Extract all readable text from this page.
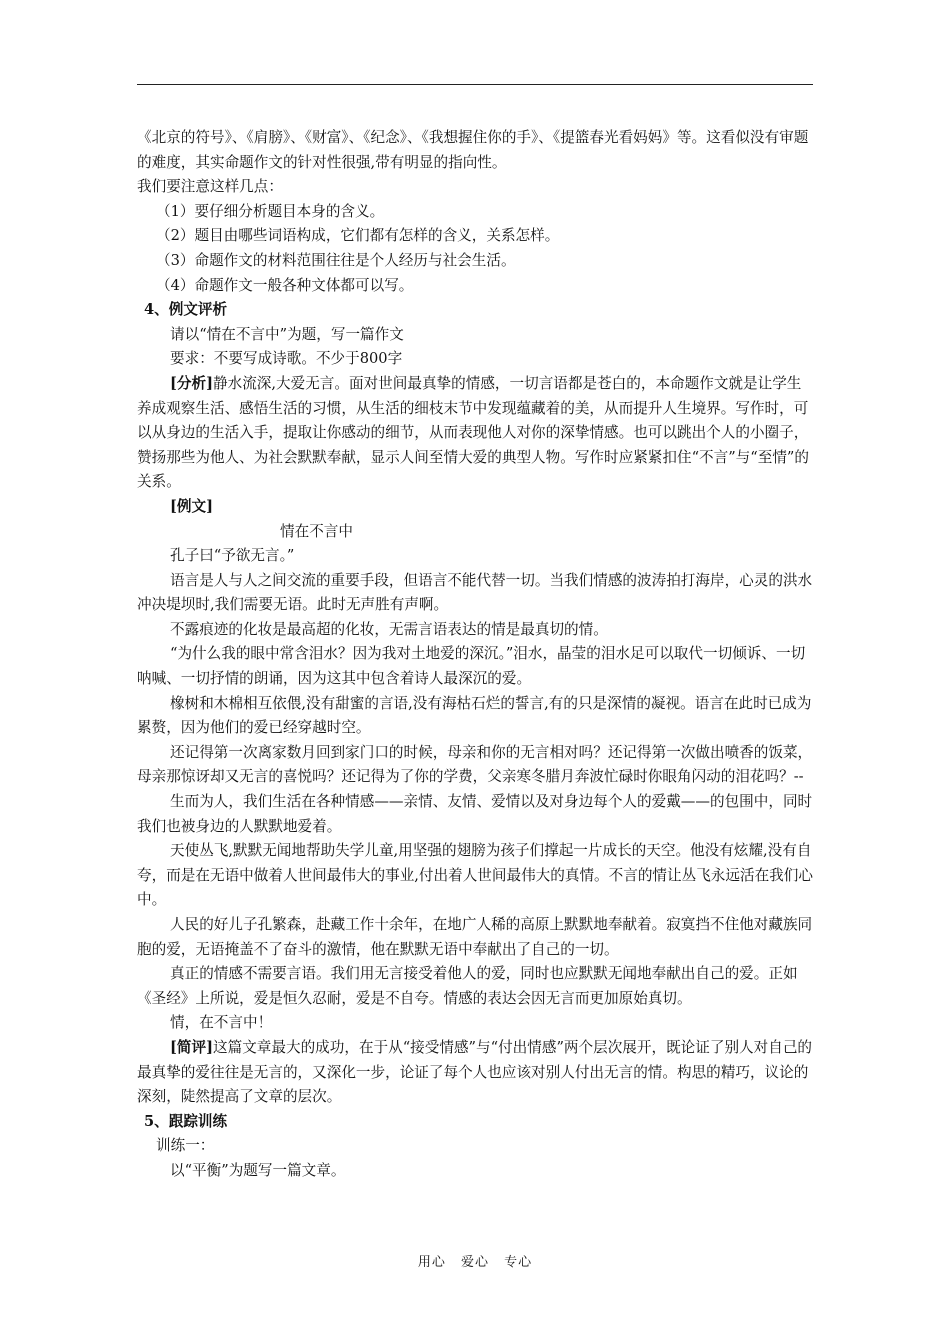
《北京的符号》、《肩膀》、《财富》、《纪念》、《我想握住你的手》、《提篮春光看妈妈》等。这看似没有审题的难度，其实命题作文的针对性很强,带有明显的指向性。

我们要注意这样几点：

（1）要仔细分析题目本身的含义。

（2）题目由哪些词语构成，它们都有怎样的含义，关系怎样。

（3）命题作文的材料范围往往是个人经历与社会生活。

（4）命题作文一般各种文体都可以写。

4、例文评析

请以“情在不言中”为题，写一篇作文

要求：不要写成诗歌。不少于800字

[分析]静水流深,大爱无言。面对世间最真挚的情感，一切言语都是苍白的，本命题作文就是让学生养成观察生活、感悟生活的习惯，从生活的细枝末节中发现蕴藏着的美，从而提升人生境界。写作时，可以从身边的生活入手，提取让你感动的细节，从而表现他人对你的深挚情感。也可以跳出个人的小圈子，赞扬那些为他人、为社会默默奉献，显示人间至情大爱的典型人物。写作时应紧紧扣住“不言”与“至情”的关系。

[例文]

情在不言中

孔子曰“予欲无言。”

语言是人与人之间交流的重要手段，但语言不能代替一切。当我们情感的波涛拍打海岸，心灵的洪水冲决堤坝时,我们需要无语。此时无声胜有声啊。

不露痕迹的化妆是最高超的化妆，无需言语表达的情是最真切的情。

“为什么我的眼中常含泪水？因为我对土地爱的深沉。”泪水，晶莹的泪水足可以取代一切倾诉、一切呐喊、一切抒情的朗诵，因为这其中包含着诗人最深沉的爱。

橡树和木棉相互依偎,没有甜蜜的言语,没有海枯石烂的誓言,有的只是深情的凝视。语言在此时已成为累赘，因为他们的爱已经穿越时空。

还记得第一次离家数月回到家门口的时候，母亲和你的无言相对吗？还记得第一次做出喷香的饭菜，母亲那惊讶却又无言的喜悦吗？还记得为了你的学费，父亲寒冬腊月奔波忙碌时你眼角闪动的泪花吗？--

生而为人，我们生活在各种情感——亲情、友情、爱情以及对身边每个人的爱戴——的包围中，同时我们也被身边的人默默地爱着。

天使丛飞,默默无闻地帮助失学儿童,用坚强的翅膀为孩子们撑起一片成长的天空。他没有炫耀,没有自夸，而是在无语中做着人世间最伟大的事业,付出着人世间最伟大的真情。不言的情让丛飞永远活在我们心中。

人民的好儿子孔繁森，赴藏工作十余年，在地广人稀的高原上默默地奉献着。寂寞挡不住他对藏族同胞的爱，无语掩盖不了奋斗的激情，他在默默无语中奉献出了自己的一切。

真正的情感不需要言语。我们用无言接受着他人的爱，同时也应默默无闻地奉献出自己的爱。正如《圣经》上所说，爱是恒久忍耐，爱是不自夸。情感的表达会因无言而更加原始真切。

情，在不言中！

[简评]这篇文章最大的成功，在于从“接受情感”与“付出情感”两个层次展开，既论证了别人对自己的最真挚的爱往往是无言的，又深化一步，论证了每个人也应该对别人付出无言的情。构思的精巧，议论的深刻，陡然提高了文章的层次。

5、跟踪训练

训练一：

以“平衡”为题写一篇文章。

用心 爱心 专心
